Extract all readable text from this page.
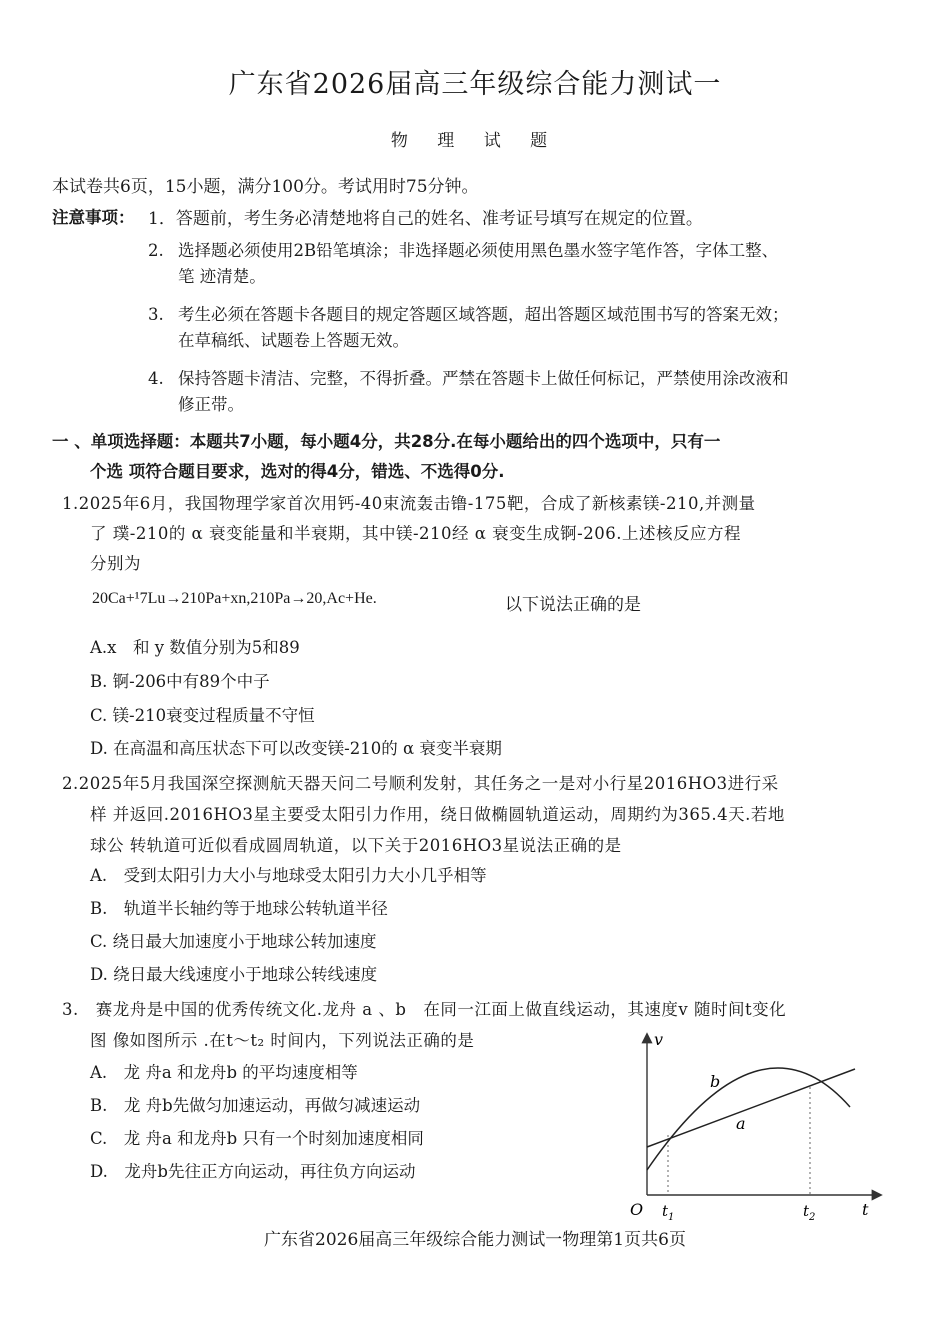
广东省2026届高三年级综合能力测试一
物 理 试 题
本试卷共6页，15小题，满分100分。考试用时75分钟。
注意事项： 1．答题前，考生务必清楚地将自己的姓名、准考证号填写在规定的位置。
2. 选择题必须使用2B铅笔填涂；非选择题必须使用黑色墨水签字笔作答，字体工整、
笔 迹清楚。
3. 考生必须在答题卡各题目的规定答题区域答题，超出答题区域范围书写的答案无效；
在草稿纸、试题卷上答题无效。
4. 保持答题卡清洁、完整，不得折叠。严禁在答题卡上做任何标记，严禁使用涂改液和
修正带。
一 、单项选择题：本题共7小题，每小题4分，共28分.在每小题给出的四个选项中，只有一
个选 项符合题目要求，选对的得4分，错选、不选得0分.
1.2025年6月，我国物理学家首次用钙-40束流轰击镥-175靶，合成了新核素镁-210,并测量
了 璞-210的 α 衰变能量和半衰期，其中镁-210经 α 衰变生成锕-206.上述核反应方程
分别为
20Ca+¹7Lu→210Pa+xn,210Pa→20,Ac+He.	以下说法正确的是
A.x　和 y 数值分别为5和89
B. 锕-206中有89个中子
C. 镁-210衰变过程质量不守恒
D. 在高温和高压状态下可以改变镁-210的 α 衰变半衰期
2.2025年5月我国深空探测航天器天问二号顺利发射，其任务之一是对小行星2016HO3进行采
样 并返回.2016HO3星主要受太阳引力作用，绕日做椭圆轨道运动，周期约为365.4天.若地
球公 转轨道可近似看成圆周轨道，以下关于2016HO3星说法正确的是
A.　受到太阳引力大小与地球受太阳引力大小几乎相等
B.　轨道半长轴约等于地球公转轨道半径
C. 绕日最大加速度小于地球公转加速度
D. 绕日最大线速度小于地球公转线速度
3.　赛龙舟是中国的优秀传统文化.龙舟 a 、b　在同一江面上做直线运动，其速度v 随时间t变化
图 像如图所示 .在t～t₂ 时间内，下列说法正确的是
A.　龙 舟a 和龙舟b 的平均速度相等
B.　龙 舟b先做匀加速运动，再做匀减速运动
C.　龙 舟a 和龙舟b 只有一个时刻加速度相同
D.　龙舟b先往正方向运动，再往负方向运动
v
t
O $t_1$	$t_2$
b
a
广东省2026届高三年级综合能力测试一物理第1页共6页
